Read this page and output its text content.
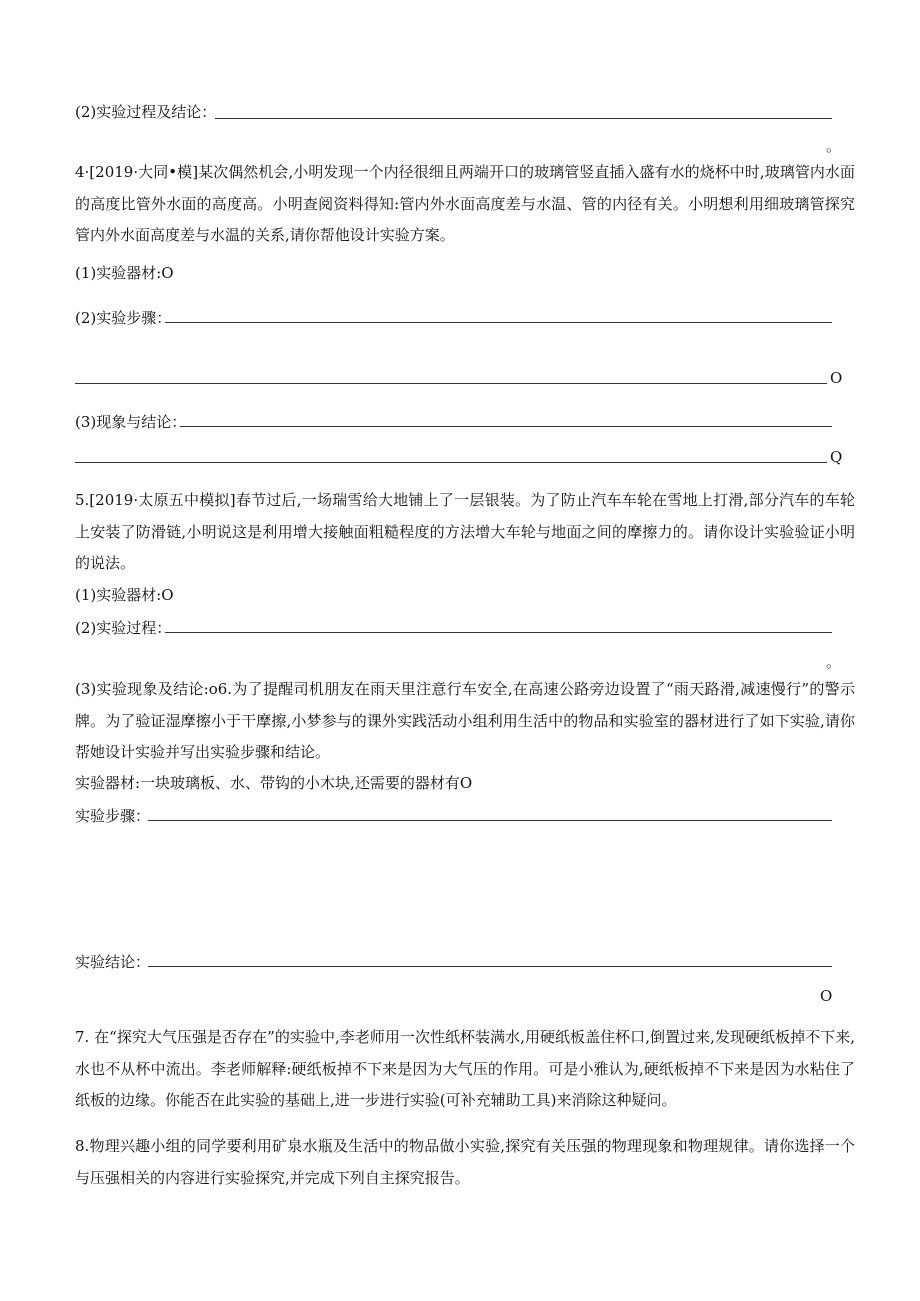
(2)实验过程及结论：
。
4·[2019·大同•模]某次偶然机会,小明发现一个内径很细且两端开口的玻璃管竖直插入盛有水的烧杯中时,玻璃管内水面的高度比管外水面的高度高。小明查阅资料得知:管内外水面高度差与水温、管的内径有关。小明想利用细玻璃管探究管内外水面高度差与水温的关系,请你帮他设计实验方案。
(1)实验器材:O
(2)实验步骤：
O
(3)现象与结论：
Q
5.[2019·太原五中模拟]春节过后,一场瑞雪给大地铺上了一层银装。为了防止汽车车轮在雪地上打滑,部分汽车的车轮上安装了防滑链,小明说这是利用增大接触面粗糙程度的方法增大车轮与地面之间的摩擦力的。请你设计实验验证小明的说法。
(1)实验器材:O
(2)实验过程：
。
(3)实验现象及结论:o6.为了提醒司机朋友在雨天里注意行车安全,在高速公路旁边设置了“雨天路滑,减速慢行”的警示牌。为了验证湿摩擦小于干摩擦,小梦参与的课外实践活动小组利用生活中的物品和实验室的器材进行了如下实验,请你帮她设计实验并写出实验步骤和结论。
实验器材:一块玻璃板、水、带钩的小木块,还需要的器材有O
实验步骤：
实验结论：
O
7. 在“探究大气压强是否存在”的实验中,李老师用一次性纸杯装满水,用硬纸板盖住杯口,倒置过来,发现硬纸板掉不下来,水也不从杯中流出。李老师解释:硬纸板掉不下来是因为大气压的作用。可是小雅认为,硬纸板掉不下来是因为水粘住了纸板的边缘。你能否在此实验的基础上,进一步进行实验(可补充辅助工具)来消除这种疑问。
8.物理兴趣小组的同学要利用矿泉水瓶及生活中的物品做小实验,探究有关压强的物理现象和物理规律。请你选择一个与压强相关的内容进行实验探究,并完成下列自主探究报告。
